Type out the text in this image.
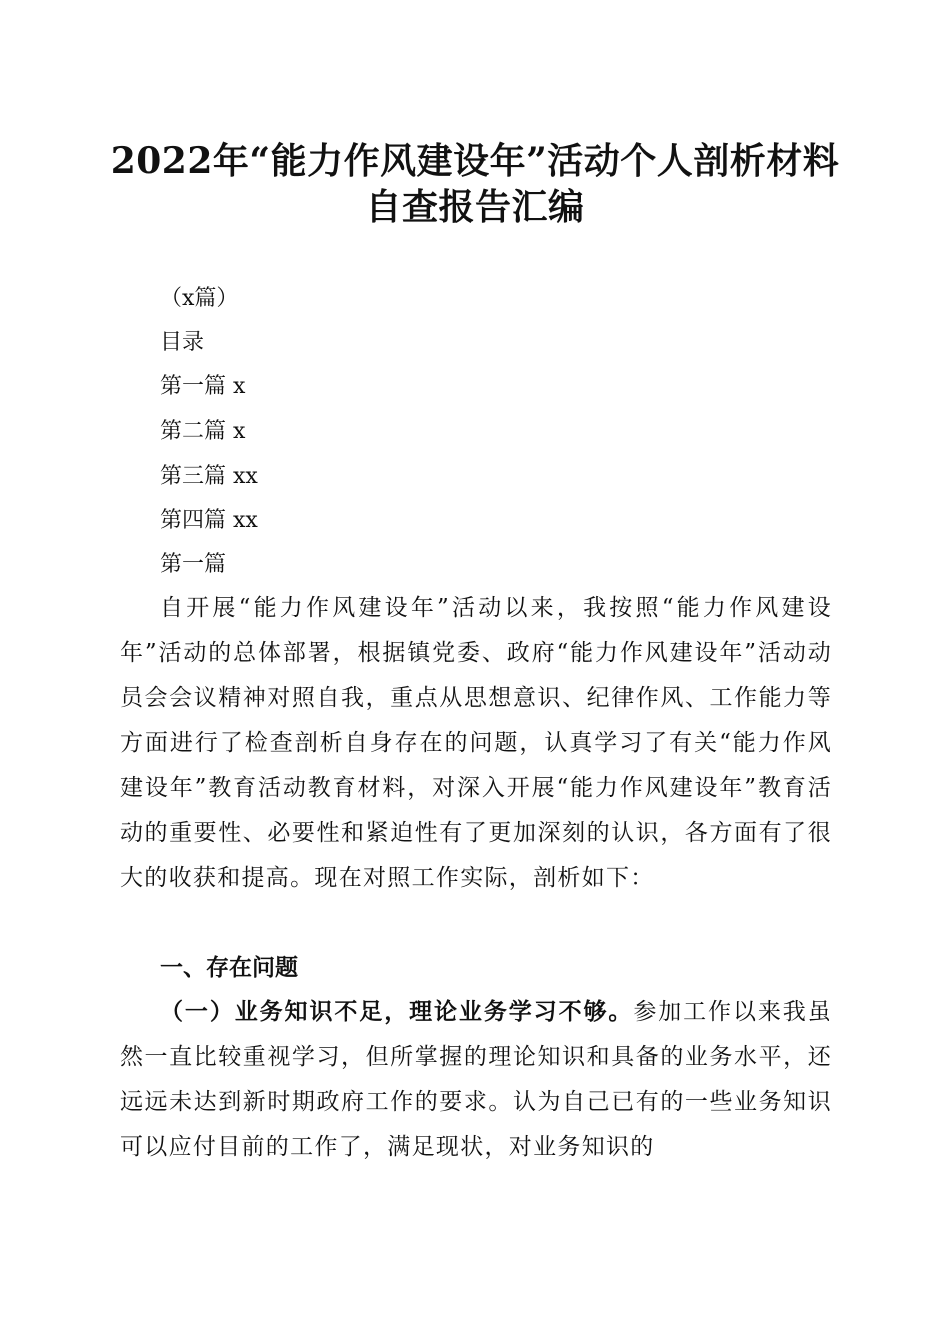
2022年“能力作风建设年”活动个人剖析材料自查报告汇编
（x篇）
目录
第一篇 x
第二篇 x
第三篇 xx
第四篇 xx
第一篇

自开展“能力作风建设年”活动以来，我按照“能力作风建设年”活动的总体部署，根据镇党委、政府“能力作风建设年”活动动员会会议精神对照自我，重点从思想意识、纪律作风、工作能力等方面进行了检查剖析自身存在的问题，认真学习了有关“能力作风建设年”教育活动教育材料，对深入开展“能力作风建设年”教育活动的重要性、必要性和紧迫性有了更加深刻的认识，各方面有了很大的收获和提高。现在对照工作实际，剖析如下：

一、存在问题

（一）业务知识不足，理论业务学习不够。参加工作以来我虽然一直比较重视学习，但所掌握的理论知识和具备的业务水平，还远远未达到新时期政府工作的要求。认为自己已有的一些业务知识可以应付目前的工作了，满足现状，对业务知识的
